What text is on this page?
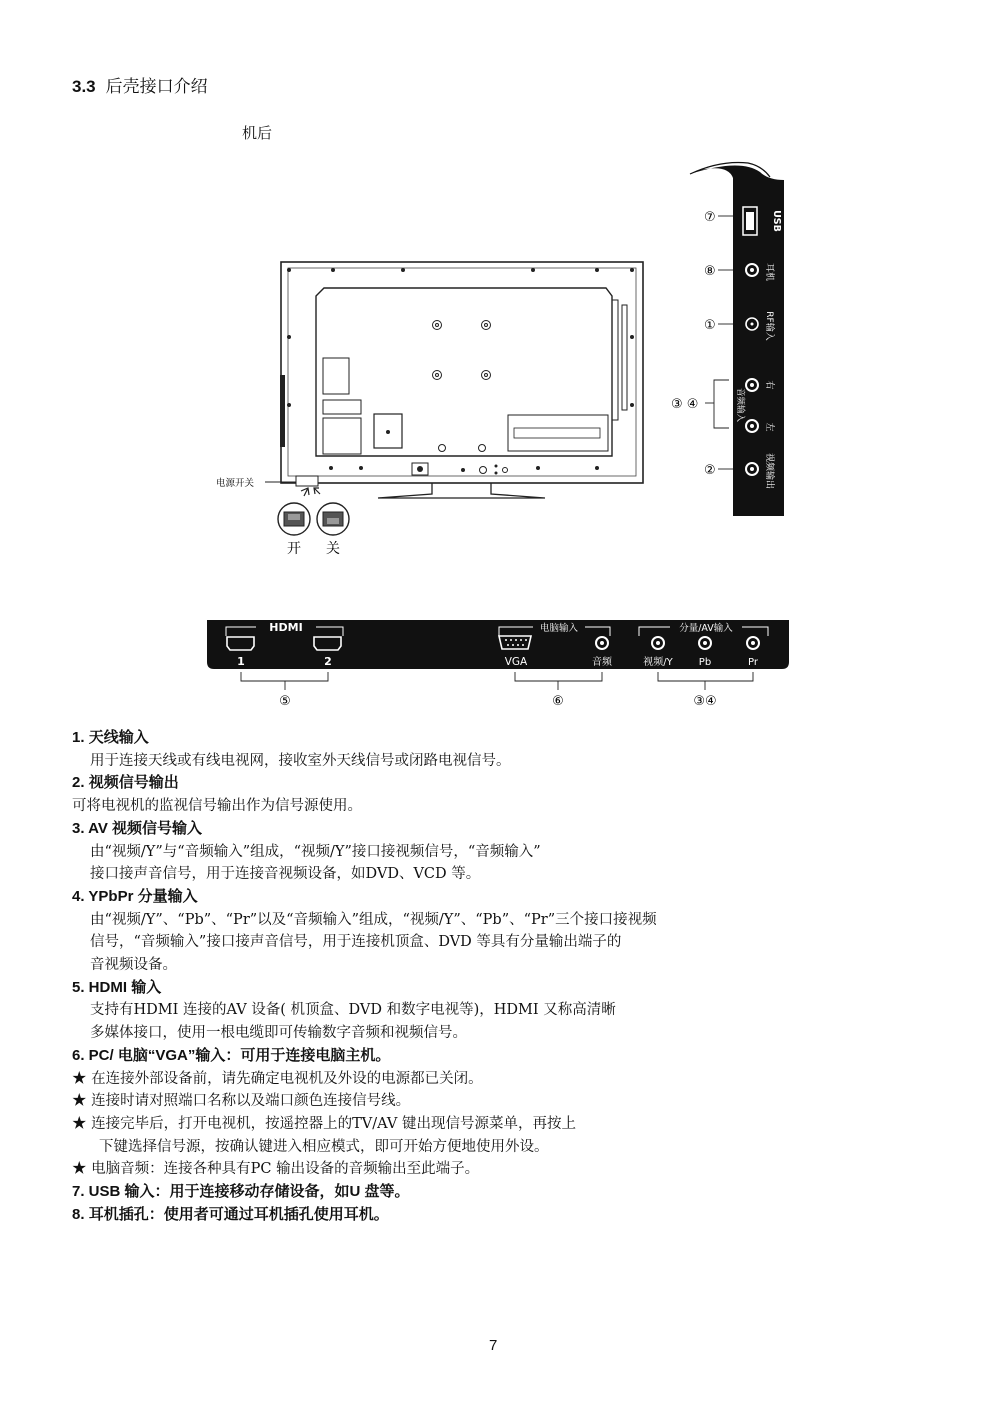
3.3 后壳接口介绍
机后
电源开关
开 关
USB
耳机
RF输入
音频输入
右
左
视频输出
⑦
⑧
①
③ ④
②
HDMI
1	2
电脑输入
VGA	音频
分量/AV输入
视频/Y	Pb	Pr
⑤	⑥	③④
1. 天线输入
用于连接天线或有线电视网，接收室外天线信号或闭路电视信号。
2. 视频信号输出
可将电视机的监视信号输出作为信号源使用。
3. AV 视频信号输入
由“视频/Y”与“音频输入”组成，“视频/Y”接口接视频信号，“音频输入”
接口接声音信号，用于连接音视频设备，如DVD、VCD 等。
4. YPbPr 分量输入
由“视频/Y”、“Pb”、“Pr”以及“音频输入”组成，“视频/Y”、“Pb”、“Pr”三个接口接视频
信号，“音频输入”接口接声音信号，用于连接机顶盒、DVD 等具有分量输出端子的
音视频设备。
5. HDMI 输入
支持有HDMI 连接的AV 设备( 机顶盒、DVD 和数字电视等)，HDMI 又称高清晰
多媒体接口，使用一根电缆即可传输数字音频和视频信号。
6. PC/ 电脑“VGA”输入：可用于连接电脑主机。
★ 在连接外部设备前，请先确定电视机及外设的电源都已关闭。
★ 连接时请对照端口名称以及端口颜色连接信号线。
★ 连接完毕后，打开电视机，按遥控器上的TV/AV 键出现信号源菜单，再按上
下键选择信号源，按确认键进入相应模式，即可开始方便地使用外设。
★ 电脑音频：连接各种具有PC 输出设备的音频输出至此端子。
7. USB 输入：用于连接移动存储设备，如U 盘等。
8. 耳机插孔：使用者可通过耳机插孔使用耳机。
7
